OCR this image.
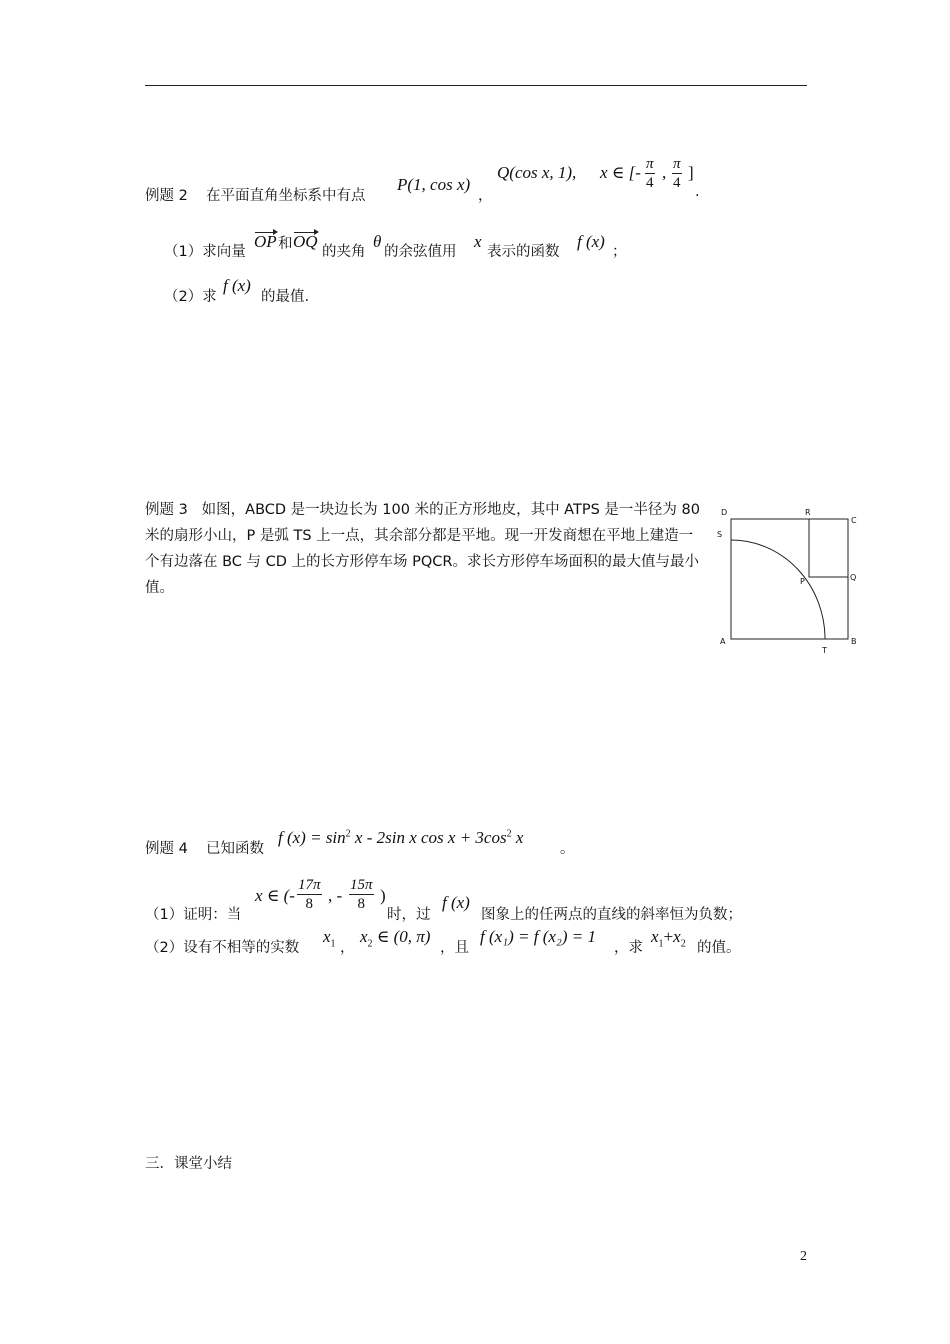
例题 2 在平面直角坐标系中有点
P(1, cos x)
，
Q(cos x, 1), x ∈ [- $\frac{\pi}{4}$ , $\frac{\pi}{4}$ ]
.
（1）求向量
OP 和 OQ
的夹角
θ
的余弦值用
x
表示的函数
f (x)
；
（2）求
f (x)
的最值.
例题 3 如图，ABCD 是一块边长为 100 米的正方形地皮，其中 ATPS 是一半径为 80 米的扇形小山，P 是弧 TS 上一点，其余部分都是平地。现一开发商想在平地上建造一个有边落在 BC 与 CD 上的长方形停车场 PQCR。求长方形停车场面积的最大值与最小值。
D	R
C
S
P	Q
A
T
B
例题 4 已知函数
f $(x) = \sin^2 x - 2\sin$ x $\cos x + 3\cos^2$ x
。
（1）证明：当
x ∈ (- $\frac{17\pi}{8}$ , - $\frac{15\pi}{8}$ )
时，过
f (x)
图象上的任两点的直线的斜率恒为负数；
（2）设有不相等的实数
$x_1$ ，
$x_2$ ∈ (0, π)
，且
f (x₁) = f (x₂) = 1
，求
$x_1+x_2$ 的值。
三．课堂小结
2
